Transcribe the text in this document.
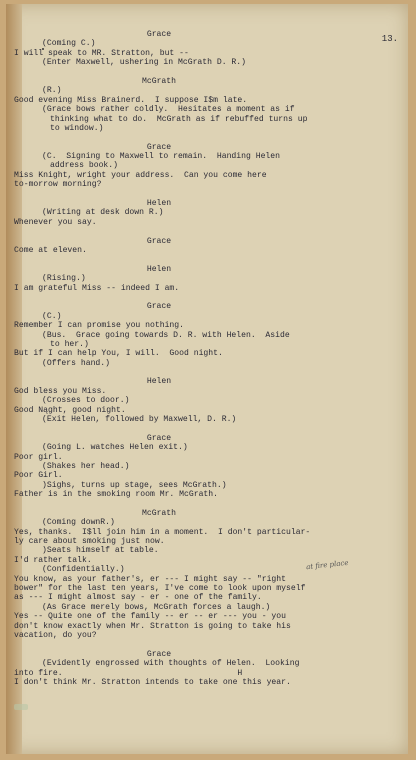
13.
Grace
(Coming C.)
I will speak to MR. Stratton, but --
(Enter Maxwell, ushering in McGrath D. R.)
McGrath
(R.)
Good evening Miss Brainerd.  I suppose I$m late.
(Grace bows rather coldly.  Hesitates a moment as if
thinking what to do.  McGrath as if rebuffed turns up
to window.)
Grace
(C.  Signing to Maxwell to remain.  Handing Helen
address book.)
Miss Knight, wright your address.  Can you come here
to-morrow morning?
Helen
(Writing at desk down R.)
Whenever you say.
Grace
Come at eleven.
Helen
(Rising.)
I am grateful Miss -- indeed I am.
Grace
(C.)
Remember I can promise you nothing.
(Bus.  Grace going towards D. R. with Helen.  Aside
to her.)
But if I can help You, I will.  Good night.
(Offers hand.)
Helen
God bless you Miss.
(Crosses to door.)
Good Nąght, good night.
(Exit Helen, followed by Maxwell, D. R.)
Grace
(Going L. watches Helen exit.)
Poor girl.
(Shakes her head.)
Poor Girl.
)Sighs, turns up stage, sees McGrath.)
Father is in the smoking room Mr. McGrath.
McGrath
(Coming downR.)
Yes, thanks.  I$ll join him in a moment.  I don't particular-
ly care about smoking just now.
)Seats himself at table.
I'd rather talk.
(Confidentially.)
You know, as your father's, er --- I might say -- "right
bower" for the last ten years, I've come to look upon myself
as --- I might almost say - er - one of the family.
(As Grace merely bows, McGrath forces a laugh.)
Yes -- Quite one of the family -- er -- er --- you - you
don't know exactly when Mr. Stratton is going to take his
vacation, do you?
Grace
(Evidently engrossed with thoughts of Helen.  Looking
into fire.                                    H
I don't think Mr. Stratton intends to take one this year.
at fire place
